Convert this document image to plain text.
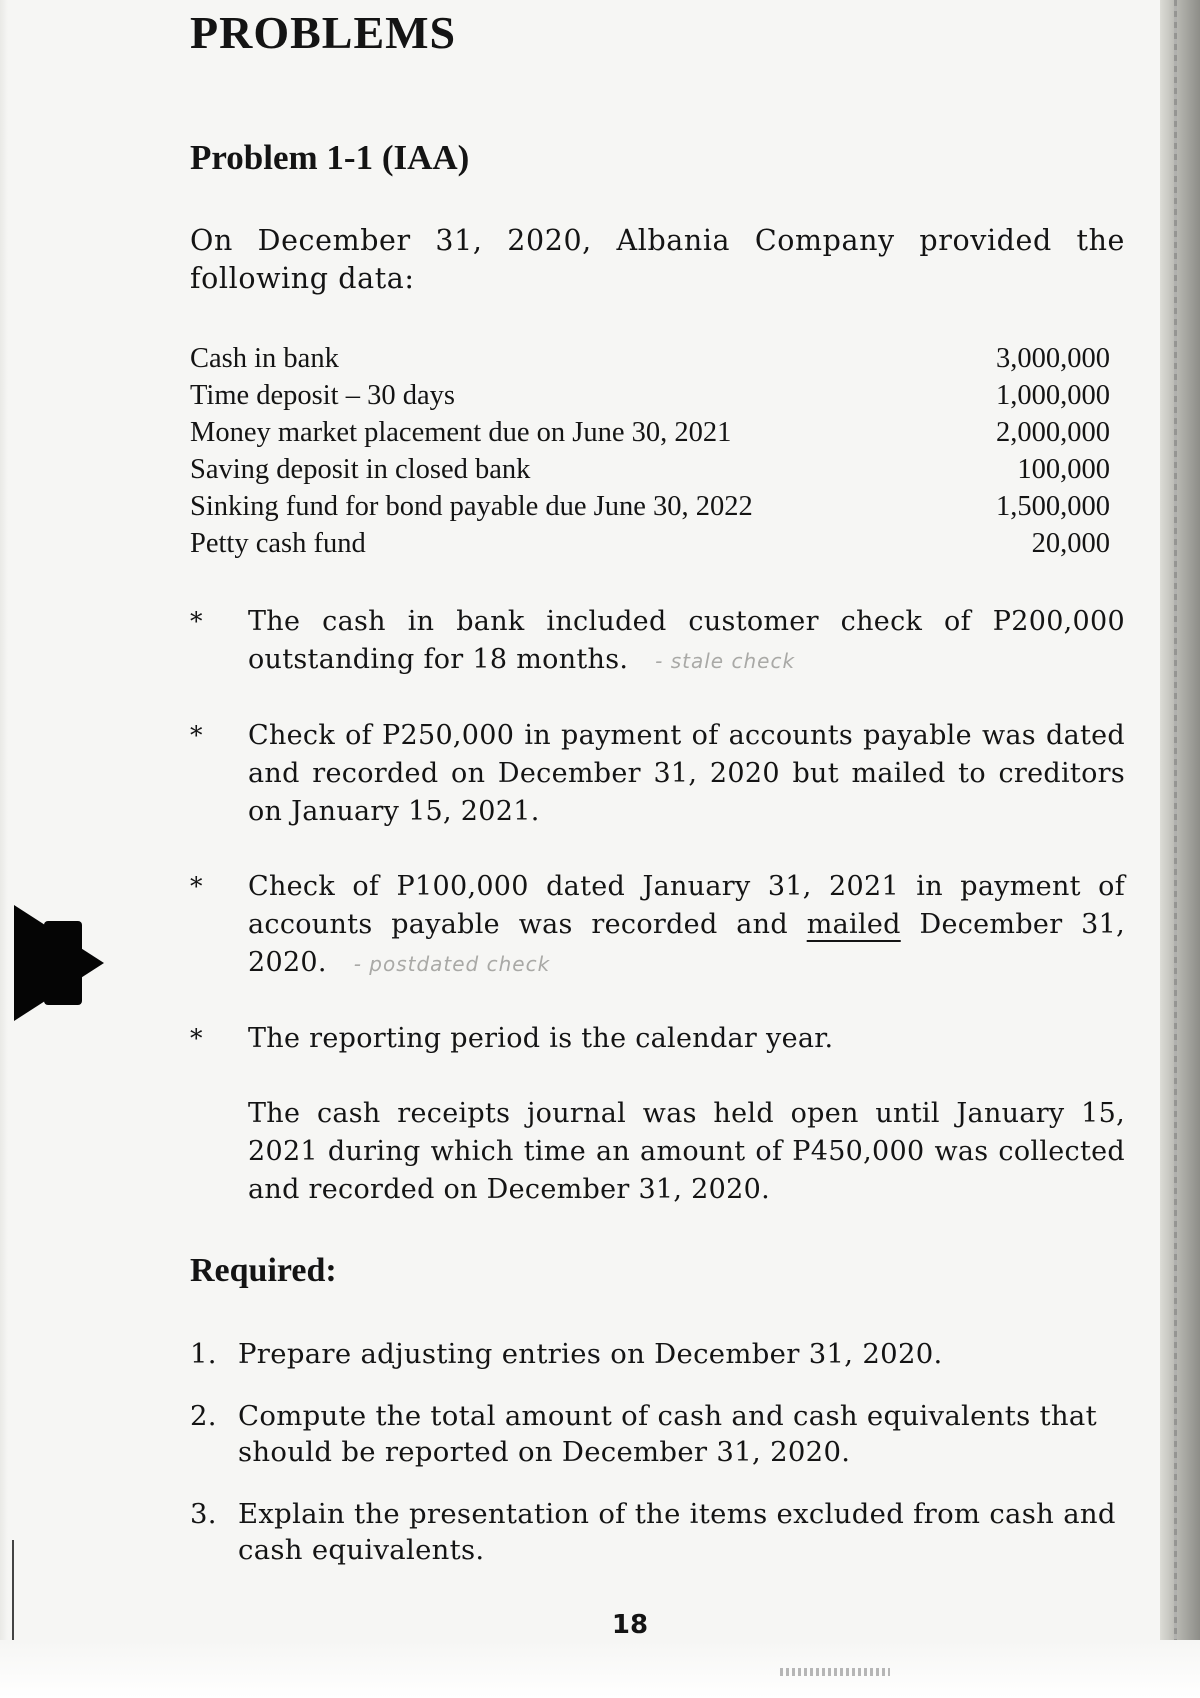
PROBLEMS
Problem 1-1 (IAA)

On December 31, 2020, Albania Company provided the following data:

Cash in bank	3,000,000
Time deposit – 30 days	1,000,000
Money market placement due on June 30, 2021	2,000,000
Saving deposit in closed bank	100,000
Sinking fund for bond payable due June 30, 2022	1,500,000
Petty cash fund	20,000
* The cash in bank included customer check of P200,000 outstanding for 18 months. - stale check
* Check of P250,000 in payment of accounts payable was dated and recorded on December 31, 2020 but mailed to creditors on January 15, 2021.
* Check of P100,000 dated January 31, 2021 in payment of accounts payable was recorded and mailed December 31, 2020. - postdated check
* The reporting period is the calendar year.

The cash receipts journal was held open until January 15, 2021 during which time an amount of P450,000 was collected and recorded on December 31, 2020.

Required:
1. Prepare adjusting entries on December 31, 2020.
2. Compute the total amount of cash and cash equivalents that should be reported on December 31, 2020.
3. Explain the presentation of the items excluded from cash and cash equivalents.

18
